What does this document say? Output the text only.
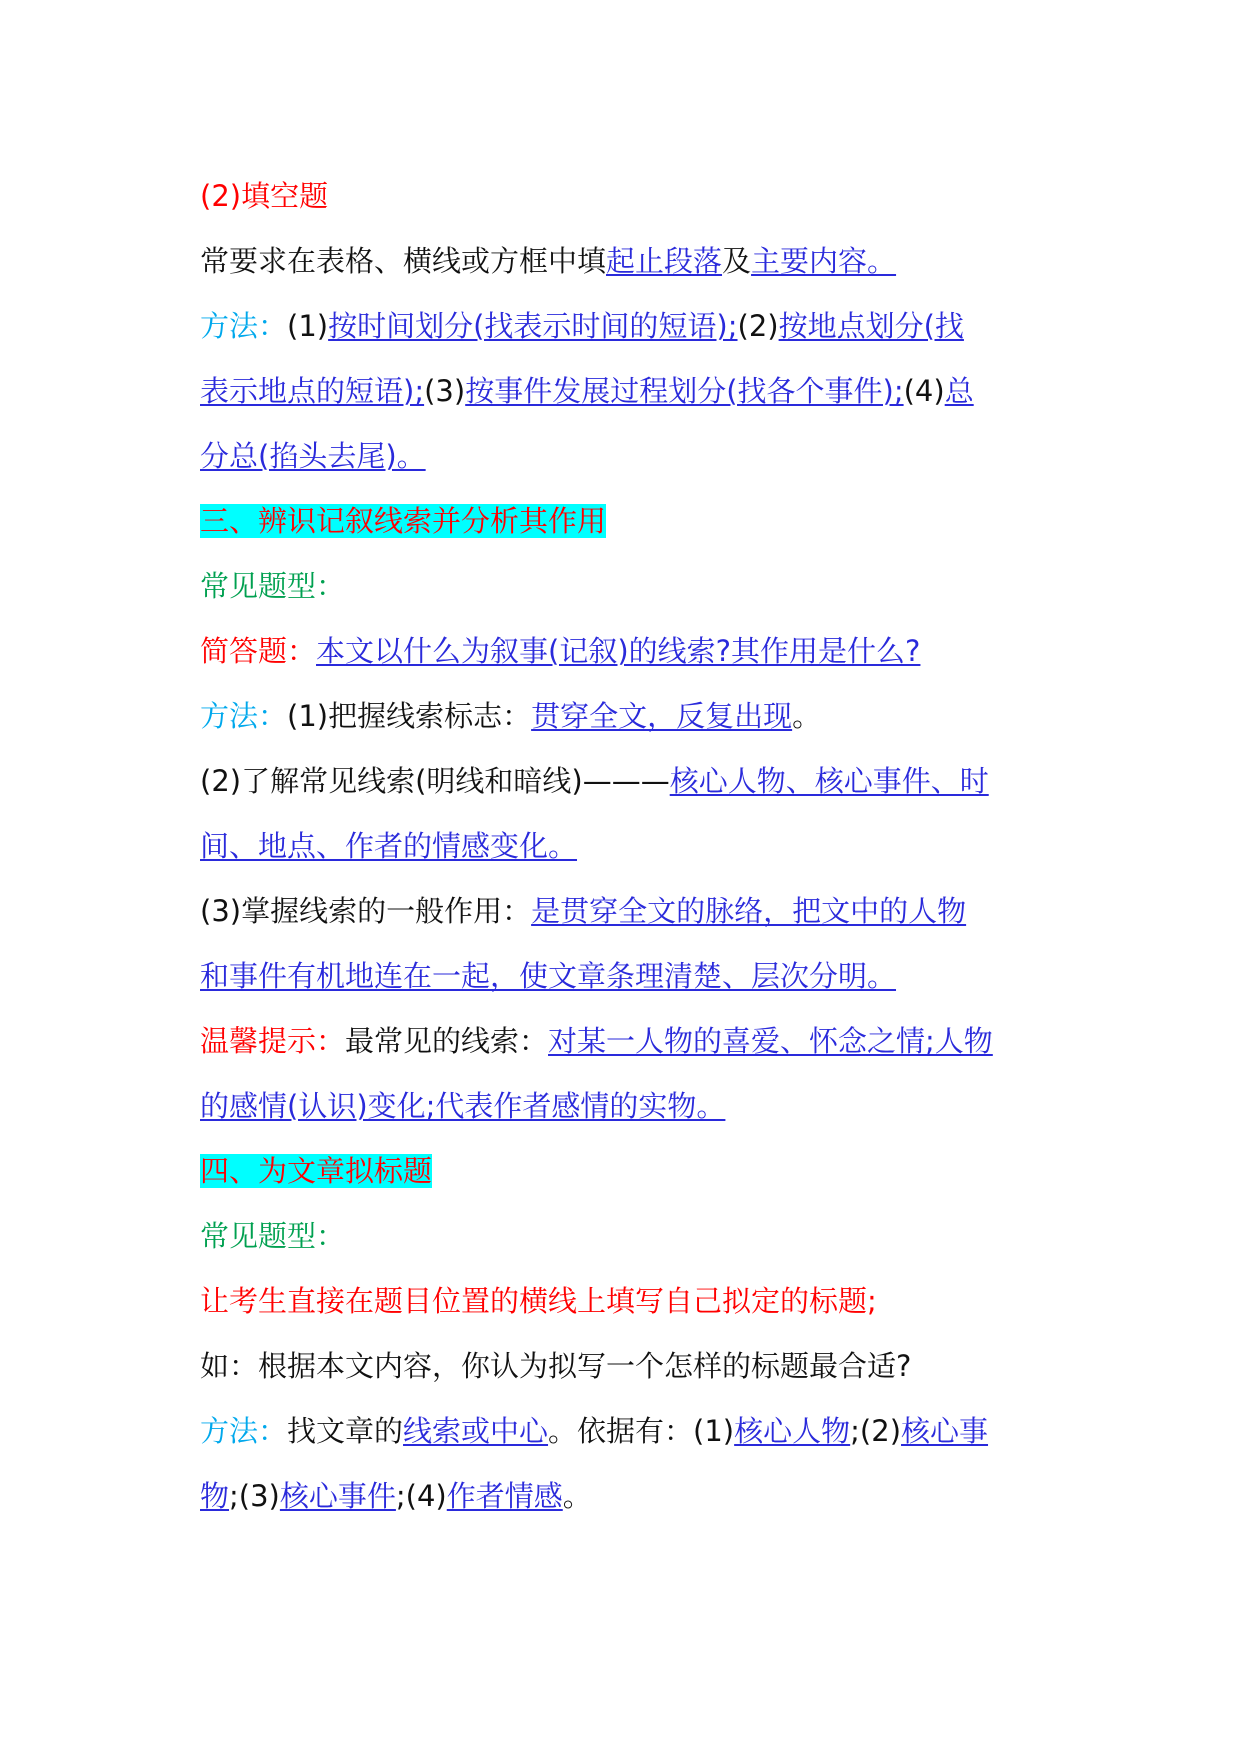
(2)填空题
常要求在表格、横线或方框中填起止段落及主要内容。
方法：(1)按时间划分(找表示时间的短语);(2)按地点划分(找
表示地点的短语);(3)按事件发展过程划分(找各个事件);(4)总
分总(掐头去尾)。
三、辨识记叙线索并分析其作用
常见题型：
简答题：本文以什么为叙事(记叙)的线索?其作用是什么?
方法：(1)把握线索标志：贯穿全文，反复出现。
(2)了解常见线索(明线和暗线)———核心人物、核心事件、时
间、地点、作者的情感变化。
(3)掌握线索的一般作用：是贯穿全文的脉络，把文中的人物
和事件有机地连在一起，使文章条理清楚、层次分明。
温馨提示：最常见的线索：对某一人物的喜爱、怀念之情;人物
的感情(认识)变化;代表作者感情的实物。
四、为文章拟标题
常见题型：
让考生直接在题目位置的横线上填写自己拟定的标题;
如：根据本文内容，你认为拟写一个怎样的标题最合适?
方法：找文章的线索或中心。依据有：(1)核心人物;(2)核心事
物;(3)核心事件;(4)作者情感。
